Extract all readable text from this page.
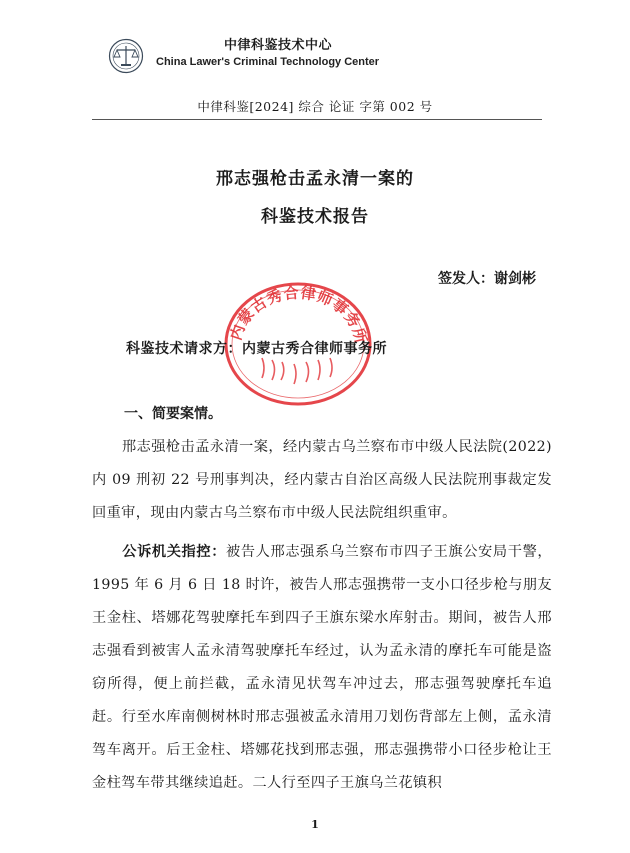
中律科鉴技术中心
China Lawer's Criminal Technology Center
中律科鉴[2024] 综合 论证 字第 002 号
邢志强枪击孟永清一案的
科鉴技术报告
签发人：谢剑彬
内蒙古秀合律师事务所
科鉴技术请求方：内蒙古秀合律师事务所
一、简要案情。
邢志强枪击孟永清一案，经内蒙古乌兰察布市中级人民法院(2022)内 09 刑初 22 号刑事判决，经内蒙古自治区高级人民法院刑事裁定发回重审，现由内蒙古乌兰察布市中级人民法院组织重审。
公诉机关指控：被告人邢志强系乌兰察布市四子王旗公安局干警，1995 年 6 月 6 日 18 时许，被告人邢志强携带一支小口径步枪与朋友王金柱、塔娜花驾驶摩托车到四子王旗东梁水库射击。期间，被告人邢志强看到被害人孟永清驾驶摩托车经过，认为孟永清的摩托车可能是盗窃所得，便上前拦截，孟永清见状驾车冲过去，邢志强驾驶摩托车追赶。行至水库南侧树林时邢志强被孟永清用刀划伤背部左上侧，孟永清驾车离开。后王金柱、塔娜花找到邢志强，邢志强携带小口径步枪让王金柱驾车带其继续追赶。二人行至四子王旗乌兰花镇积
1
